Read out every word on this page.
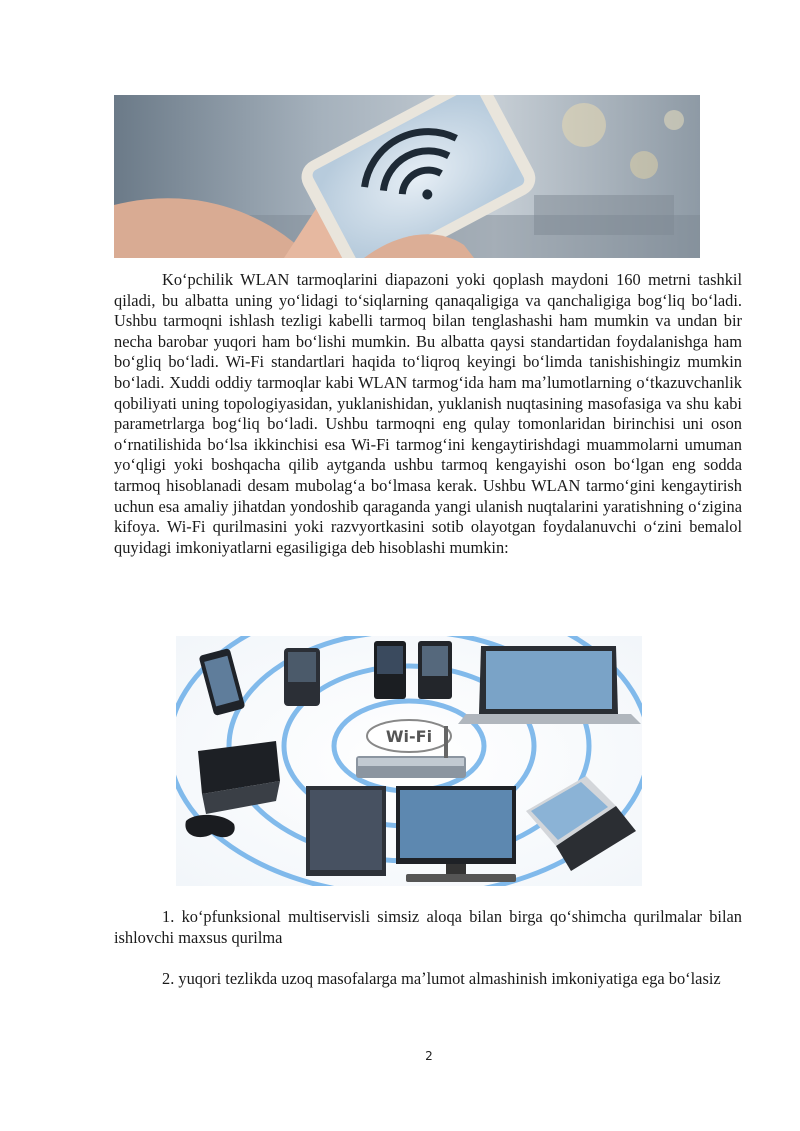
Koʻpchilik WLAN tarmoqlarini diapazoni yoki qoplash maydoni 160 metrni tashkil qiladi, bu albatta uning yoʻlidagi toʻsiqlarning qanaqaligiga va qanchaligiga bogʻliq boʻladi. Ushbu tarmoqni ishlash tezligi kabelli tarmoq bilan tenglashashi ham mumkin va undan bir necha barobar yuqori ham boʻlishi mumkin. Bu albatta qaysi standartidan foydalanishga ham boʻgliq boʻladi. Wi-Fi standartlari haqida toʻliqroq keyingi boʻlimda tanishishingiz mumkin boʻladi. Xuddi oddiy tarmoqlar kabi WLAN tarmogʻida ham maʼlumotlarning oʻtkazuvchanlik qobiliyati uning topologiyasidan, yuklanishidan, yuklanish nuqtasining masofasiga va shu kabi parametrlarga bogʻliq boʻladi. Ushbu tarmoqni eng qulay tomonlaridan birinchisi uni oson oʻrnatilishida boʻlsa ikkinchisi esa Wi-Fi tarmogʻini kengaytirishdagi muammolarni umuman yoʻqligi yoki boshqacha qilib aytganda ushbu tarmoq kengayishi oson boʻlgan eng sodda tarmoq hisoblanadi desam mubolagʻa boʻlmasa kerak. Ushbu WLAN tarmoʻgini kengaytirish uchun esa amaliy jihatdan yondoshib qaraganda yangi ulanish nuqtalarini yaratishning oʻzigina kifoya. Wi-Fi qurilmasini yoki razvyortkasini sotib olayotgan foydalanuvchi oʻzini bemalol quyidagi imkoniyatlarni egasiligiga deb hisoblashi mumkin:

Wi-Fi

1. koʻpfunksional multiservisli simsiz aloqa bilan birga qoʻshimcha qurilmalar bilan ishlovchi maxsus qurilma

2. yuqori tezlikda uzoq masofalarga maʼlumot almashinish imkoniyatiga ega boʻlasiz

2
